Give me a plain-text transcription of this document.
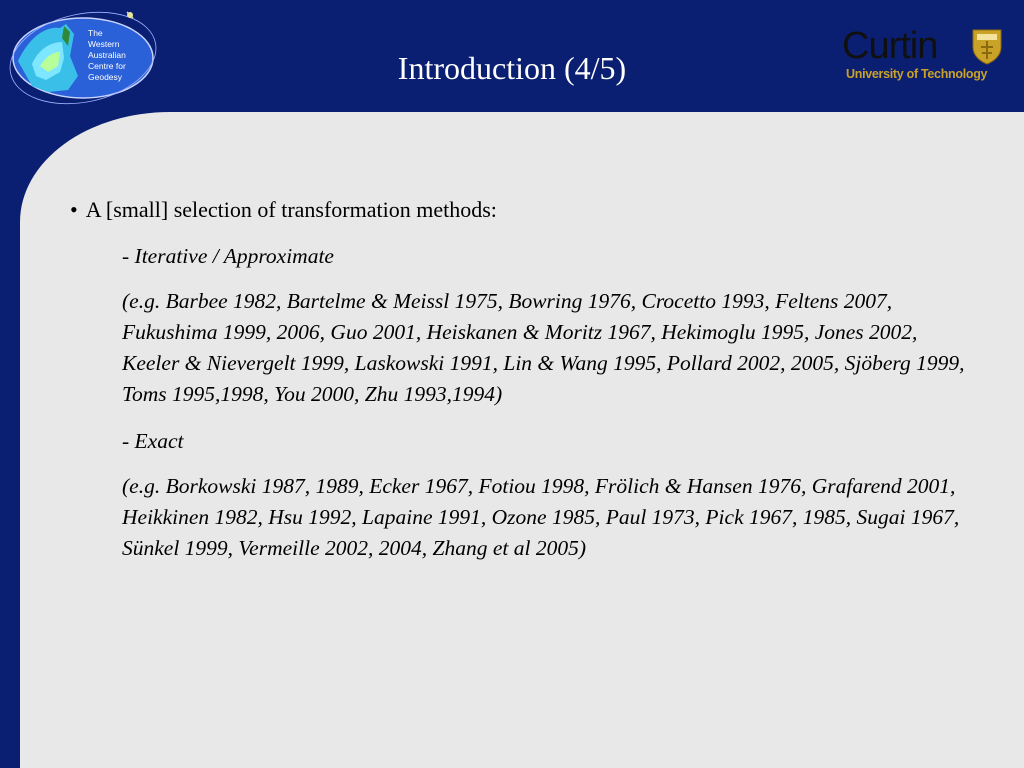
The
Western
Australian
Centre for
Geodesy	Introduction (4/5)
Curtin
University of Technology
• A [small] selection of transformation methods:
- Iterative / Approximate
(e.g. Barbee 1982, Bartelme & Meissl 1975, Bowring 1976, Crocetto 1993, Feltens 2007, Fukushima 1999, 2006, Guo 2001, Heiskanen & Moritz 1967, Hekimoglu 1995, Jones 2002, Keeler & Nievergelt 1999, Laskowski 1991, Lin & Wang 1995, Pollard 2002, 2005, Sjöberg 1999, Toms 1995,1998, You 2000, Zhu 1993,1994)
- Exact
(e.g. Borkowski 1987, 1989, Ecker 1967, Fotiou 1998, Frölich & Hansen 1976, Grafarend 2001, Heikkinen 1982, Hsu 1992, Lapaine 1991, Ozone 1985, Paul 1973, Pick 1967, 1985, Sugai 1967, Sünkel 1999, Vermeille 2002, 2004, Zhang et al 2005)
